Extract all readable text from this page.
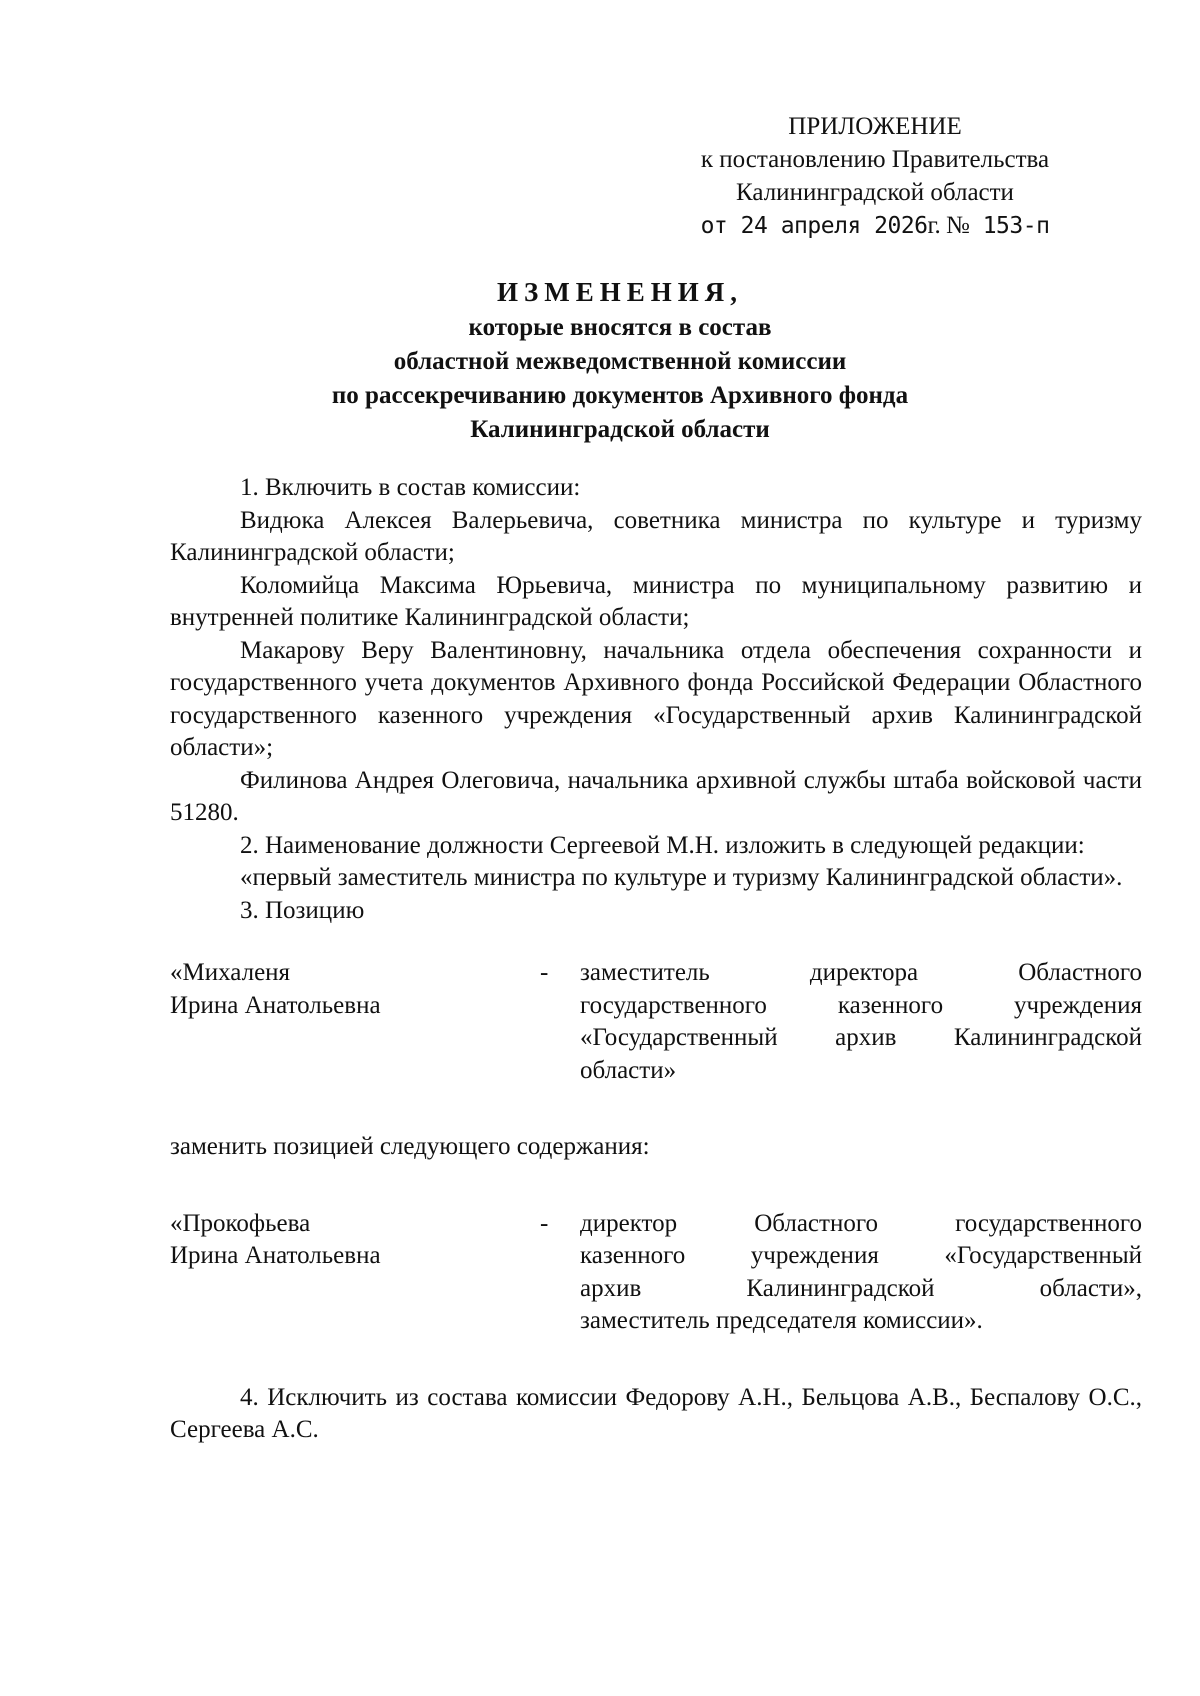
ПРИЛОЖЕНИЕ
к постановлению Правительства
Калининградской области
от 24 апреля 2026г. № 153-п
ИЗМЕНЕНИЯ,
которые вносятся в состав
областной межведомственной комиссии
по рассекречиванию документов Архивного фонда
Калининградской области

1. Включить в состав комиссии:

Видюка Алексея Валерьевича, советника министра по культуре и туризму Калининградской области;

Коломийца Максима Юрьевича, министра по муниципальному развитию и внутренней политике Калининградской области;

Макарову Веру Валентиновну, начальника отдела обеспечения сохранности и государственного учета документов Архивного фонда Российской Федерации Областного государственного казенного учреждения «Государственный архив Калининградской области»;

Филинова Андрея Олеговича, начальника архивной службы штаба войсковой части 51280.

2. Наименование должности Сергеевой М.Н. изложить в следующей редакции:

«первый заместитель министра по культуре и туризму Калининградской области».

3. Позицию

«Михаленя
Ирина Анатольевна
-	заместитель директора Областного
государственного казенного учреждения
«Государственный архив Калининградской
области»

заменить позицией следующего содержания:

«Прокофьева
Ирина Анатольевна
-	директор Областного государственного
казенного учреждения «Государственный
архив Калининградской области»,
заместитель председателя комиссии».

4. Исключить из состава комиссии Федорову А.Н., Бельцова А.В., Беспалову О.С., Сергеева А.С.
